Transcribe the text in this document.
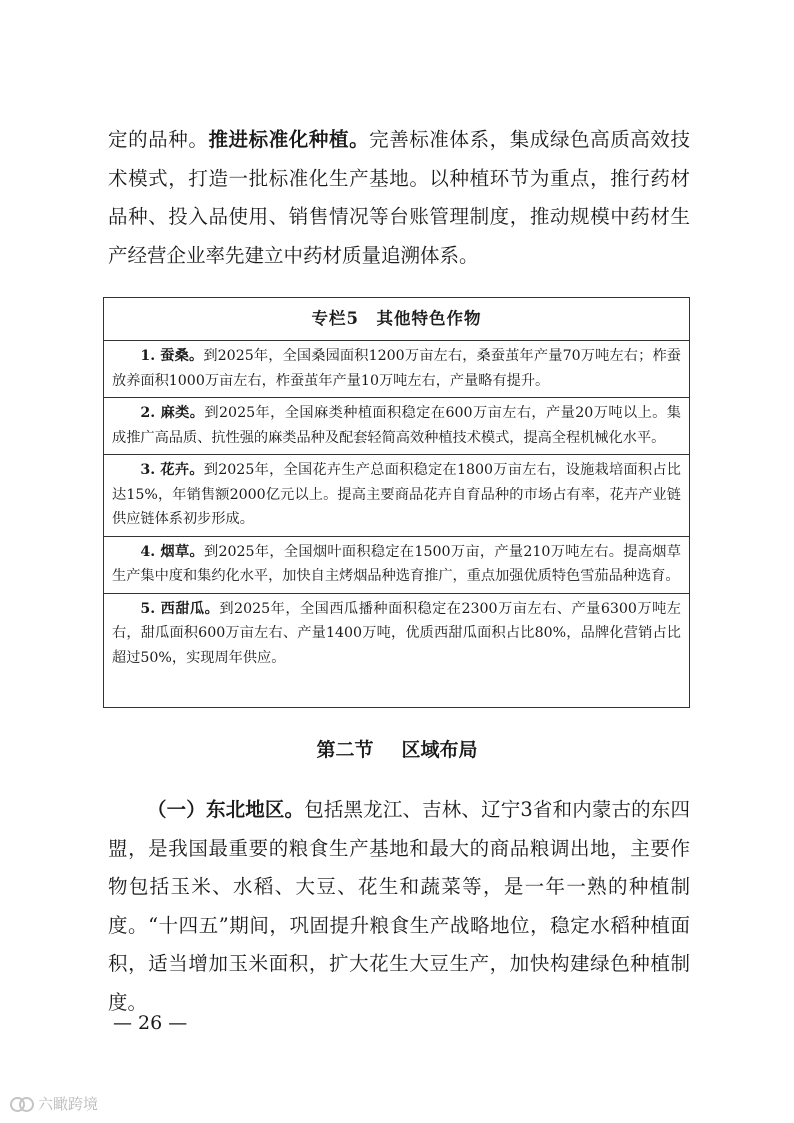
定的品种。推进标准化种植。完善标准体系，集成绿色高质高效技术模式，打造一批标准化生产基地。以种植环节为重点，推行药材品种、投入品使用、销售情况等台账管理制度，推动规模中药材生产经营企业率先建立中药材质量追溯体系。

专栏5　其他特色作物

1. 蚕桑。到2025年，全国桑园面积1200万亩左右，桑蚕茧年产量70万吨左右；柞蚕放养面积1000万亩左右，柞蚕茧年产量10万吨左右，产量略有提升。

2. 麻类。到2025年，全国麻类种植面积稳定在600万亩左右，产量20万吨以上。集成推广高品质、抗性强的麻类品种及配套轻简高效种植技术模式，提高全程机械化水平。

3. 花卉。到2025年，全国花卉生产总面积稳定在1800万亩左右，设施栽培面积占比达15%，年销售额2000亿元以上。提高主要商品花卉自育品种的市场占有率，花卉产业链供应链体系初步形成。

4. 烟草。到2025年，全国烟叶面积稳定在1500万亩，产量210万吨左右。提高烟草生产集中度和集约化水平，加快自主烤烟品种选育推广，重点加强优质特色雪茄品种选育。

5. 西甜瓜。到2025年，全国西瓜播种面积稳定在2300万亩左右、产量6300万吨左右，甜瓜面积600万亩左右、产量1400万吨，优质西甜瓜面积占比80%，品牌化营销占比超过50%，实现周年供应。

第二节 区域布局

（一）东北地区。包括黑龙江、吉林、辽宁3省和内蒙古的东四盟，是我国最重要的粮食生产基地和最大的商品粮调出地，主要作物包括玉米、水稻、大豆、花生和蔬菜等，是一年一熟的种植制度。“十四五”期间，巩固提升粮食生产战略地位，稳定水稻种植面积，适当增加玉米面积，扩大花生大豆生产，加快构建绿色种植制度。

— 26 —
六瞰跨境
